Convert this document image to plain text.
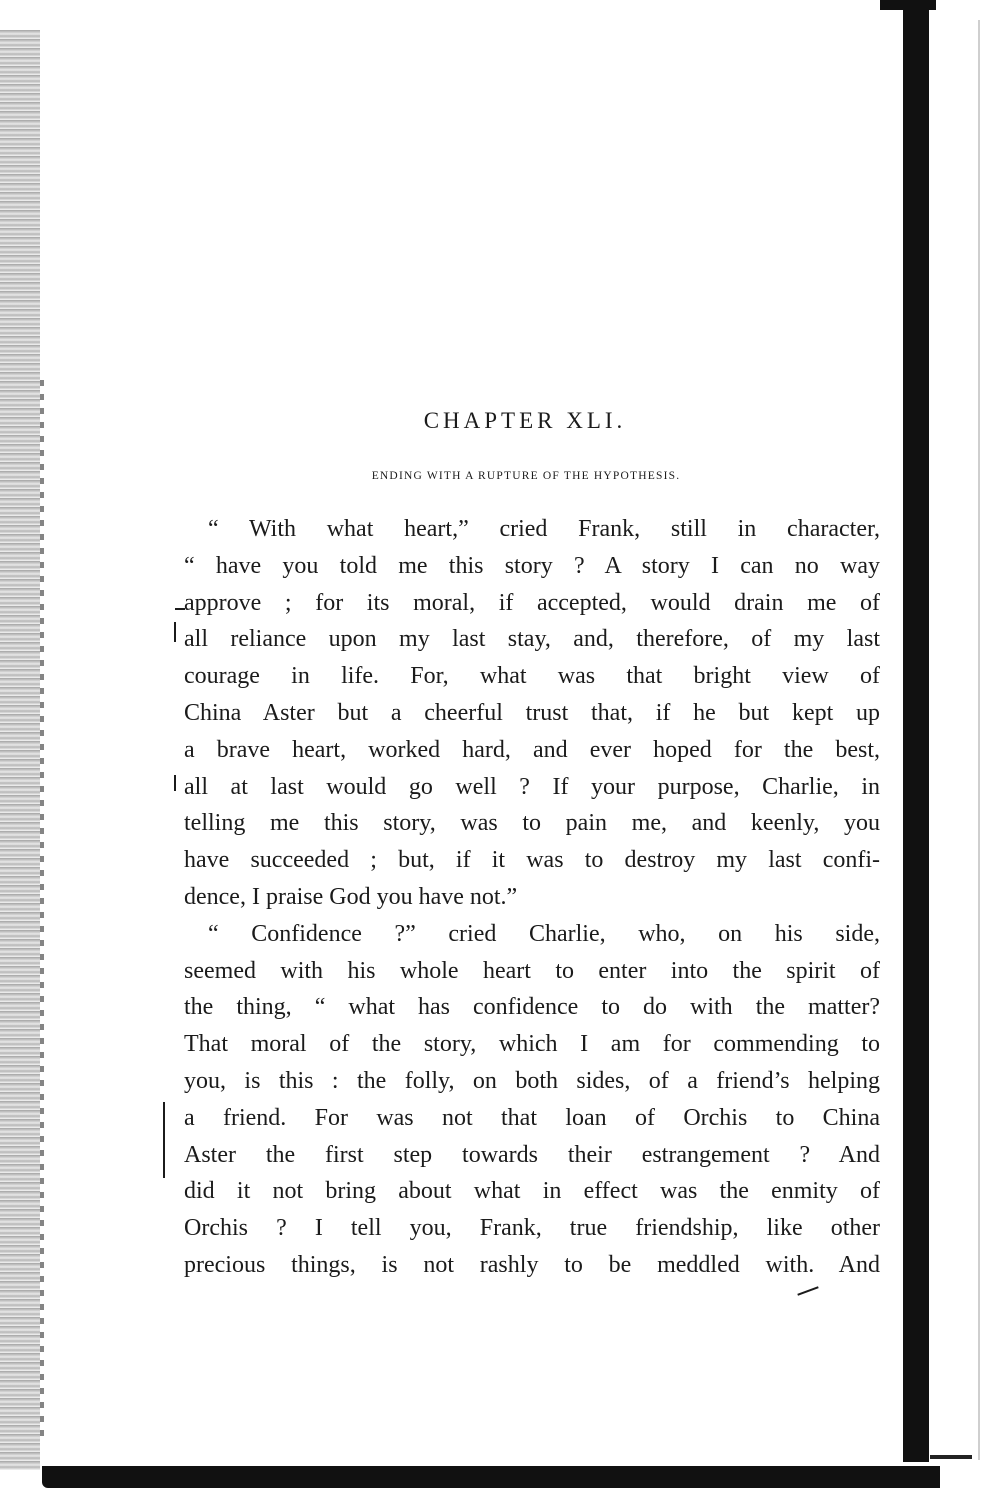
CHAPTER XLI.
ENDING WITH A RUPTURE OF THE HYPOTHESIS.
“ With what heart,” cried Frank, still in character,
“ have you told me this story ? A story I can no way
approve ; for its moral, if accepted, would drain me of
all reliance upon my last stay, and, therefore, of my last
courage in life. For, what was that bright view of
China Aster but a cheerful trust that, if he but kept up
a brave heart, worked hard, and ever hoped for the best,
all at last would go well ? If your purpose, Charlie, in
telling me this story, was to pain me, and keenly, you
have succeeded ; but, if it was to destroy my last confi-
dence, I praise God you have not.”
“ Confidence ?” cried Charlie, who, on his side,
seemed with his whole heart to enter into the spirit of
the thing, “ what has confidence to do with the matter?
That moral of the story, which I am for commending to
you, is this : the folly, on both sides, of a friend’s helping
a friend. For was not that loan of Orchis to China
Aster the first step towards their estrangement ? And
did it not bring about what in effect was the enmity of
Orchis ? I tell you, Frank, true friendship, like other
precious things, is not rashly to be meddled with. And
